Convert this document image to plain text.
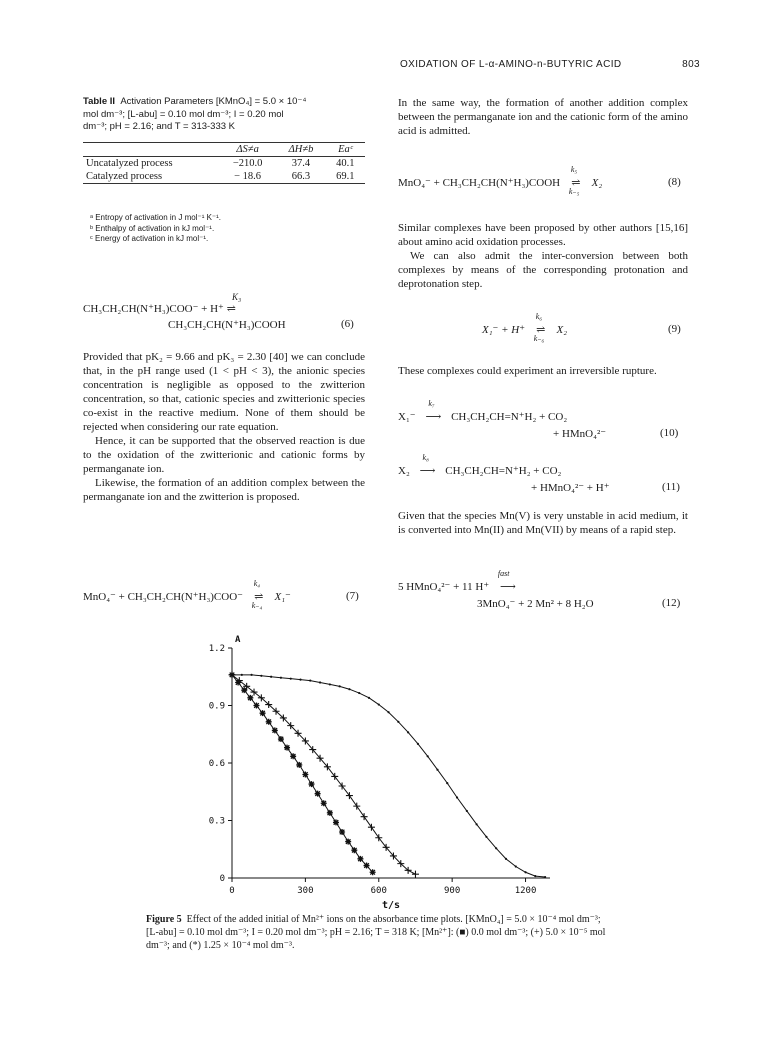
OXIDATION OF L-α-AMINO-n-BUTYRIC ACID	803
Table II Activation Parameters [KMnO₄] = 5.0 × 10⁻⁴
mol dm⁻³; [L-abu] = 0.10 mol dm⁻³; I = 0.20 mol
dm⁻³; pH = 2.16; and T = 313-333 K
	ΔS≠a	ΔH≠b	Eaᶜ
Uncatalyzed process	−210.0	37.4	40.1
Catalyzed process	− 18.6	66.3	69.1
ᵃ Entropy of activation in J mol⁻¹ K⁻¹.
ᵇ Enthalpy of activation in kJ mol⁻¹.
ᶜ Energy of activation in kJ mol⁻¹.
K₃
CH₃CH₂CH(N⁺H₃)COO⁻ + H⁺ ⇌
CH₃CH₂CH(N⁺H₃)COOH	(6)

Provided that pK₂ = 9.66 and pK₃ = 2.30 [40] we can conclude that, in the pH range used (1 < pH < 3), the anionic species concentration is negligible as opposed to the zwitterion concentration, so that, cationic species and zwitterionic species co-exist in the reactive medium. None of them should be rejected when considering our rate equation.

Hence, it can be supported that the observed reaction is due to the oxidation of the zwitterionic and cationic forms by permanganate ion.

Likewise, the formation of an addition complex between the permanganate ion and the zwitterion is proposed.

MnO₄⁻ + CH₃CH₂CH(N⁺H₃)COO⁻
k₄
⇌
k₋₄
X₁⁻	(7)

In the same way, the formation of another addition complex between the permanganate ion and the cationic form of the amino acid is admitted.

MnO₄⁻ + CH₃CH₂CH(N⁺H₃)COOH
k₅
⇌
k₋₅
X₂	(8)

Similar complexes have been proposed by other authors [15,16] about amino acid oxidation processes.

We can also admit the inter-conversion between both complexes by means of the corresponding protonation and deprotonation step.

X₁⁻ + H⁺
k₆
⇌
k₋₆
X₂	(9)

These complexes could experiment an irreversible rupture.

X₁⁻
k₇
⟶ CH₃CH₂CH=N⁺H₂ + CO₂
+ HMnO₄²⁻	(10)
X₂
k₈
⟶ CH₃CH₂CH=N⁺H₂ + CO₂
+ HMnO₄²⁻ + H⁺	(11)

Given that the species Mn(V) is very unstable in acid medium, it is converted into Mn(II) and Mn(VII) by means of a rapid step.

5 HMnO₄²⁻ + 11 H⁺
fast
⟶
3MnO₄⁻ + 2 Mn² + 8 H₂O	(12)
0	300	600	900	1200
0
0.3
0.6
0.9
1.2
A
t/s
Figure 5 Effect of the added initial of Mn²⁺ ions on the absorbance time plots. [KMnO₄] = 5.0 × 10⁻⁴ mol dm⁻³; [L-abu] = 0.10 mol dm⁻³; I = 0.20 mol dm⁻³; pH = 2.16; T = 318 K; [Mn²⁺]: (■) 0.0 mol dm⁻³; (+) 5.0 × 10⁻⁵ mol dm⁻³; and (*) 1.25 × 10⁻⁴ mol dm⁻³.
